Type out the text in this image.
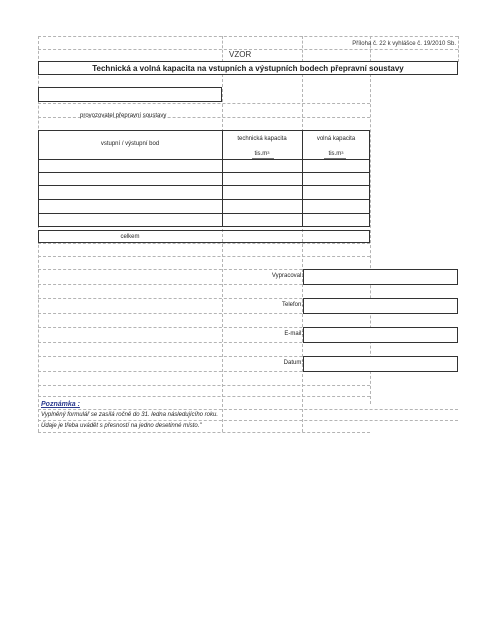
Příloha č. 22 k vyhlášce č. 19/2010 Sb.
VZOR
Technická a volná kapacita na vstupních a výstupních bodech přepravní soustavy
provozovatel přepravní soustavy
vstupní / výstupní bod
technická kapacita	volná kapacita
$tis.m^3$	$tis.m^3$
celkem
Vypracoval:
Telefon:
E-mail:
Datum:
Poznámka :
Vyplněný formulář se zasílá ročně do 31. ledna následujícího roku.
Údaje je třeba uvádět s přesností na jedno desetinné místo."
